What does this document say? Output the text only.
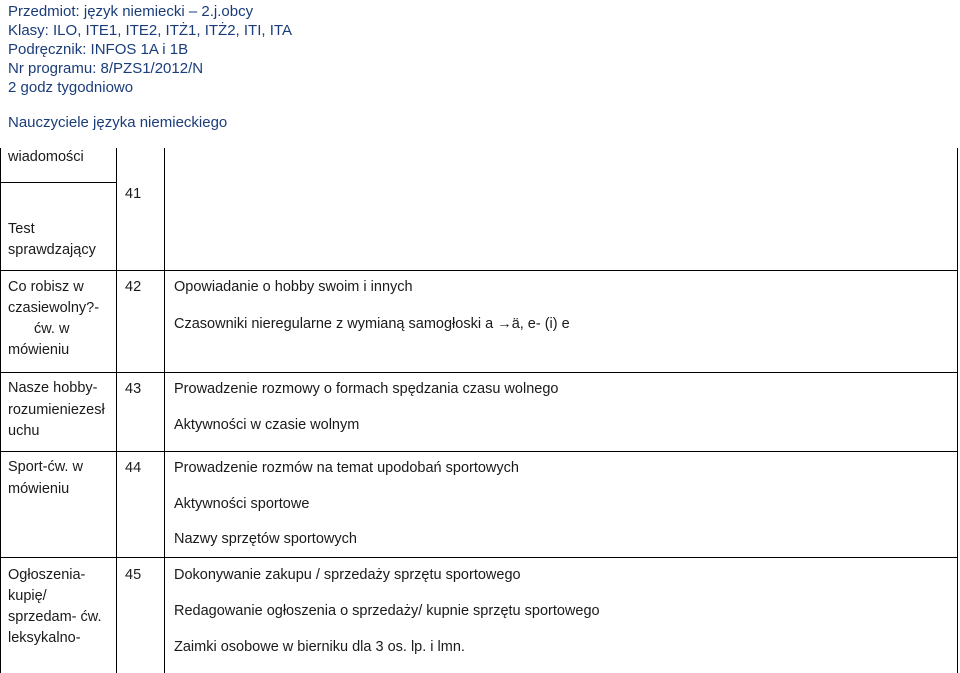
Przedmiot: język niemiecki – 2.j.obcy
Klasy: ILO, ITE1, ITE2, ITŻ1, ITŻ2, ITI, ITA
Podręcznik: INFOS 1A i 1B
Nr programu: 8/PZS1/2012/N
2 godz tygodniowo
Nauczyciele języka niemieckiego
wiadomości
Test
sprawdzający
41
Co robisz w
czasiewolny?-
ćw. w
mówieniu
42 Opowiadanie o hobby swoim i innych
Czasowniki nieregularne z wymianą samogłoski a →ä, e- (i) e
Nasze hobby-
rozumieniezesł
uchu
43 Prowadzenie rozmowy o formach spędzania czasu wolnego
Aktywności w czasie wolnym
Sport-ćw. w
mówieniu
44 Prowadzenie rozmów na temat upodobań sportowych
Aktywności sportowe
Nazwy sprzętów sportowych
Ogłoszenia-
kupię/
sprzedam- ćw.
leksykalno-
45 Dokonywanie zakupu / sprzedaży sprzętu sportowego
Redagowanie ogłoszenia o sprzedaży/ kupnie sprzętu sportowego
Zaimki osobowe w bierniku dla 3 os. lp. i lmn.
